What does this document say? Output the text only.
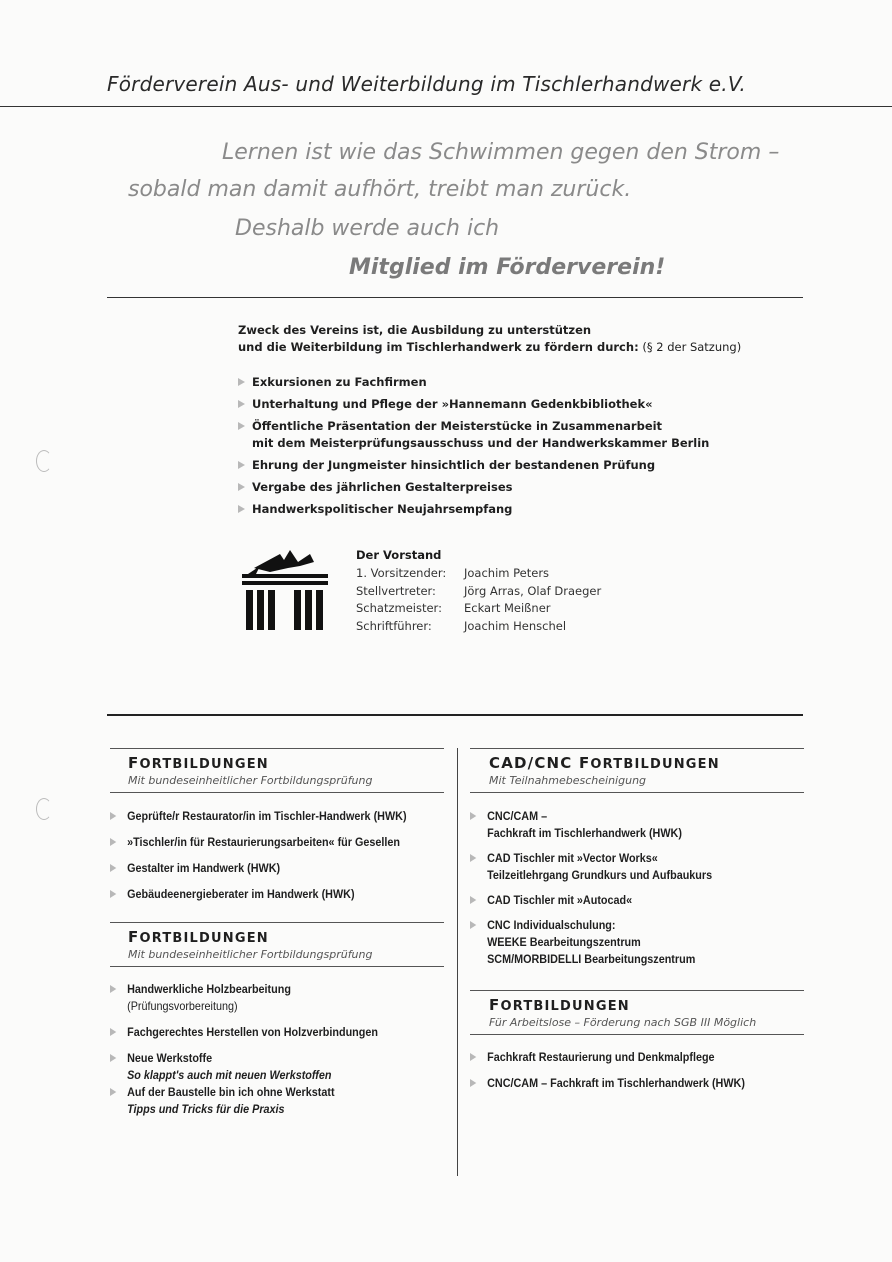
Förderverein Aus- und Weiterbildung im Tischlerhandwerk e.V.
Lernen ist wie das Schwimmen gegen den Strom –
sobald man damit aufhört, treibt man zurück.
Deshalb werde auch ich
Mitglied im Förderverein!
Zweck des Vereins ist, die Ausbildung zu unterstützen
und die Weiterbildung im Tischlerhandwerk zu fördern durch: (§ 2 der Satzung)
Exkursionen zu Fachfirmen
Unterhaltung und Pflege der »Hannemann Gedenkbibliothek«
Öffentliche Präsentation der Meisterstücke in Zusammenarbeit
mit dem Meisterprüfungsausschuss und der Handwerkskammer Berlin
Ehrung der Jungmeister hinsichtlich der bestandenen Prüfung
Vergabe des jährlichen Gestalterpreises
Handwerkspolitischer Neujahrsempfang
Der Vorstand
1. Vorsitzender:	Joachim Peters
Stellvertreter:	Jörg Arras, Olaf Draeger
Schatzmeister:	Eckart Meißner
Schriftführer:	Joachim Henschel
FORTBILDUNGEN
Mit bundeseinheitlicher Fortbildungsprüfung
Geprüfte/r Restaurator/in im Tischler-Handwerk (HWK)
»Tischler/in für Restaurierungsarbeiten« für Gesellen
Gestalter im Handwerk (HWK)
Gebäudeenergieberater im Handwerk (HWK)
FORTBILDUNGEN
Mit bundeseinheitlicher Fortbildungsprüfung
Handwerkliche Holzbearbeitung
(Prüfungsvorbereitung)
Fachgerechtes Herstellen von Holzverbindungen
Neue Werkstoffe
So klappt's auch mit neuen Werkstoffen
Auf der Baustelle bin ich ohne Werkstatt
Tipps und Tricks für die Praxis
CAD/CNC FORTBILDUNGEN
Mit Teilnahmebescheinigung
CNC/CAM –
Fachkraft im Tischlerhandwerk (HWK)
CAD Tischler mit »Vector Works«
Teilzeitlehrgang Grundkurs und Aufbaukurs
CAD Tischler mit »Autocad«
CNC Individualschulung:
WEEKE Bearbeitungszentrum
SCM/MORBIDELLI Bearbeitungszentrum
FORTBILDUNGEN
Für Arbeitslose – Förderung nach SGB III Möglich
Fachkraft Restaurierung und Denkmalpflege
CNC/CAM – Fachkraft im Tischlerhandwerk (HWK)
